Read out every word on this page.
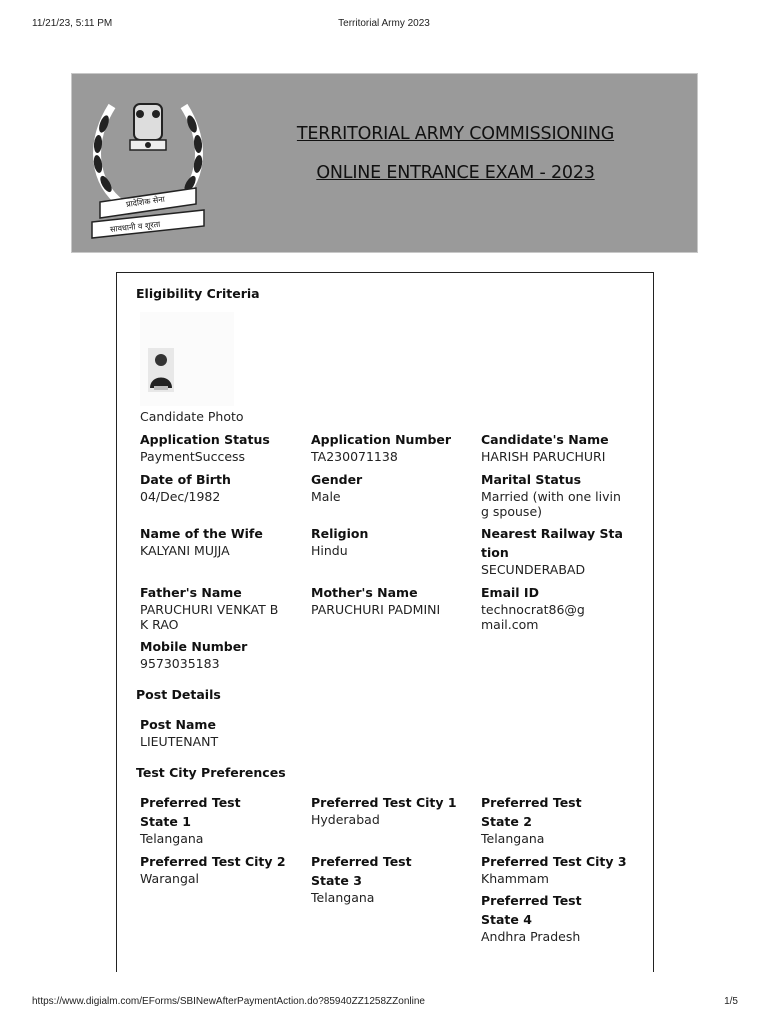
11/21/23, 5:11 PM	Territorial Army 2023
https://www.digialm.com/EForms/SBINewAfterPaymentAction.do?85940ZZ1258ZZonline	1/5
प्रादेशिक सेना
सावधानी व शूरता
TERRITORIAL ARMY COMMISSIONING
ONLINE ENTRANCE EXAM - 2023
Eligibility Criteria
Candidate Photo
Application Status
PaymentSuccess
Application Number
TA230071138
Candidate's Name
HARISH PARUCHURI
Date of Birth
04/Dec/1982
Gender
Male
Marital Status
Married (with one living spouse)
Name of the Wife
KALYANI MUJJA
Religion
Hindu
Nearest Railway Station
SECUNDERABAD
Father's Name
PARUCHURI VENKAT B K RAO
Mother's Name
PARUCHURI PADMINI
Email ID
technocrat86@gmail.com
Mobile Number
9573035183
Post Details
Post Name
LIEUTENANT
Test City Preferences
Preferred Test State 1
Telangana
Preferred Test City 1
Hyderabad
Preferred Test State 2
Telangana
Preferred Test City 2
Warangal
Preferred Test State 3
Telangana
Preferred Test City 3
Khammam
Preferred Test State 4
Andhra Pradesh
